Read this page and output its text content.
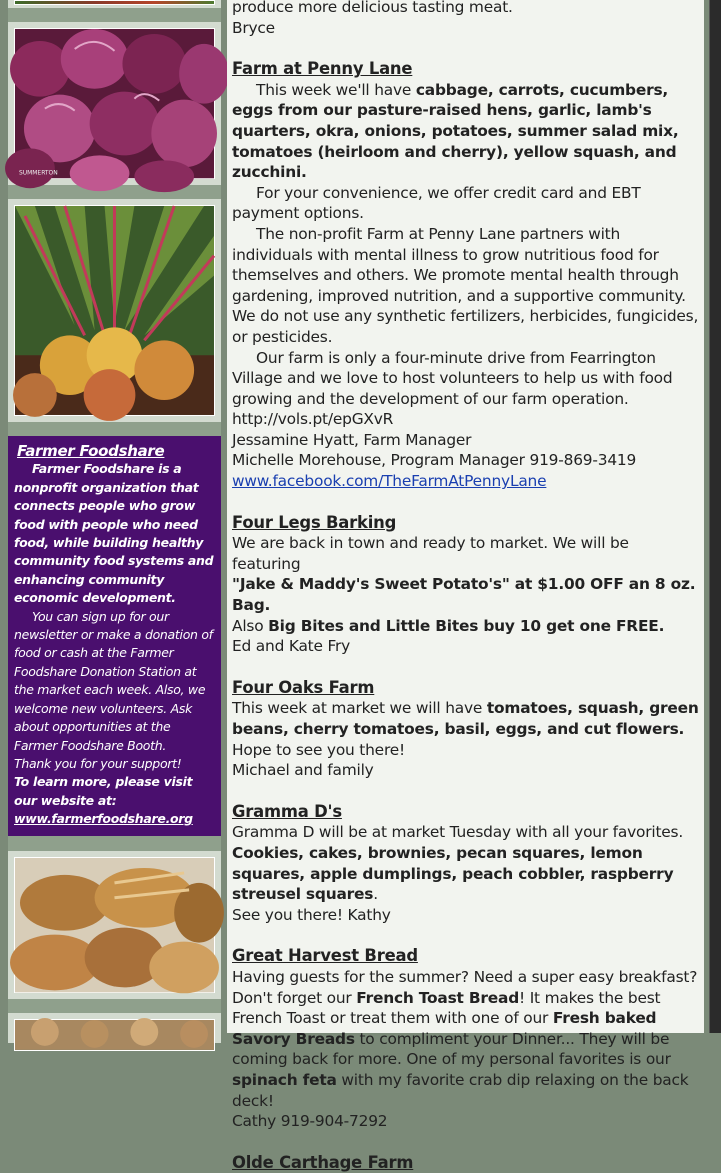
SUMMERTON
Farmer Foodshare

Farmer Foodshare is a nonprofit organization that connects people who grow food with people who need food, while building healthy community food systems and enhancing community economic development.

You can sign up for our newsletter or make a donation of food or cash at the Farmer Foodshare Donation Station at the market each week. Also, we welcome new volunteers. Ask about opportunities at the Farmer Foodshare Booth.

Thank you for your support!

To learn more, please visit our website at:

www.farmerfoodshare.org

produce more delicious tasting meat.

Bryce

Farm at Penny Lane

This week we'll have cabbage, carrots, cucumbers, eggs from our pasture-raised hens, garlic, lamb's quarters, okra, onions, potatoes, summer salad mix, tomatoes (heirloom and cherry), yellow squash, and zucchini.

For your convenience, we offer credit card and EBT payment options.

The non-profit Farm at Penny Lane partners with individuals with mental illness to grow nutritious food for themselves and others. We promote mental health through gardening, improved nutrition, and a supportive community. We do not use any synthetic fertilizers, herbicides, fungicides, or pesticides.

Our farm is only a four-minute drive from Fearrington Village and we love to host volunteers to help us with food growing and the development of our farm operation. http://vols.pt/epGXvR

Jessamine Hyatt, Farm Manager

Michelle Morehouse, Program Manager 919-869-3419

www.facebook.com/TheFarmAtPennyLane

Four Legs Barking

We are back in town and ready to market. We will be featuring

"Jake & Maddy's Sweet Potato's" at $1.00 OFF an 8 oz. Bag.

Also Big Bites and Little Bites buy 10 get one FREE.

Ed and Kate Fry

Four Oaks Farm

This week at market we will have tomatoes, squash, green beans, cherry tomatoes, basil, eggs, and cut flowers.

Hope to see you there!

Michael and family

Gramma D's

Gramma D will be at market Tuesday with all your favorites.

Cookies, cakes, brownies, pecan squares, lemon squares, apple dumplings, peach cobbler, raspberry streusel squares.

See you there! Kathy

Great Harvest Bread

Having guests for the summer? Need a super easy breakfast? Don't forget our French Toast Bread! It makes the best French Toast or treat them with one of our Fresh baked Savory Breads to compliment your Dinner... They will be coming back for more. One of my personal favorites is our spinach feta with my favorite crab dip relaxing on the back deck!

Cathy 919-904-7292

Olde Carthage Farm
